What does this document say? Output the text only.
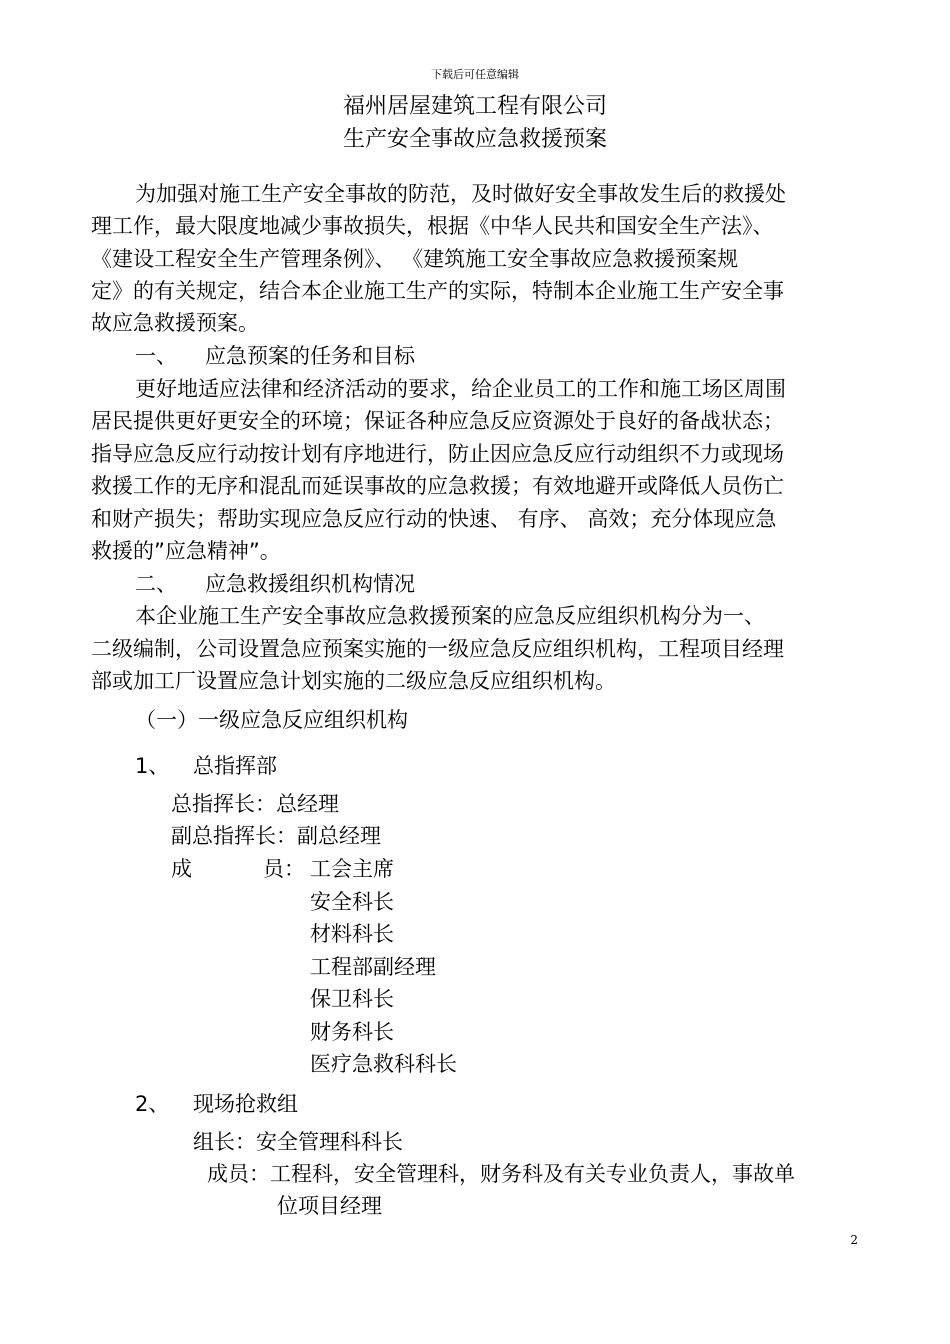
下载后可任意编辑
福州居屋建筑工程有限公司
生产安全事故应急救援预案
为加强对施工生产安全事故的防范，及时做好安全事故发生后的救援处
理工作，最大限度地减少事故损失，根据《中华人民共和国安全生产法》、
《建设工程安全生产管理条例》、 《建筑施工安全事故应急救援预案规
定》的有关规定，结合本企业施工生产的实际，特制本企业施工生产安全事
故应急救援预案。
一、 应急预案的任务和目标
更好地适应法律和经济活动的要求，给企业员工的工作和施工场区周围
居民提供更好更安全的环境；保证各种应急反应资源处于良好的备战状态；
指导应急反应行动按计划有序地进行，防止因应急反应行动组织不力或现场
救援工作的无序和混乱而延误事故的应急救援；有效地避开或降低人员伤亡
和财产损失；帮助实现应急反应行动的快速、 有序、 高效；充分体现应急
救援的”应急精神”。
二、 应急救援组织机构情况
本企业施工生产安全事故应急救援预案的应急反应组织机构分为一、
二级编制，公司设置急应预案实施的一级应急反应组织机构，工程项目经理
部或加工厂设置应急计划实施的二级应急反应组织机构。
（一）一级应急反应组织机构
1、 总指挥部
总指挥长：总经理
副总指挥长：副总经理
成	员： 工会主席
安全科长
材料科长
工程部副经理
保卫科长
财务科长
医疗急救科科长
2、 现场抢救组
组长：安全管理科科长
成员：工程科，安全管理科，财务科及有关专业负责人，事故单
位项目经理
2
